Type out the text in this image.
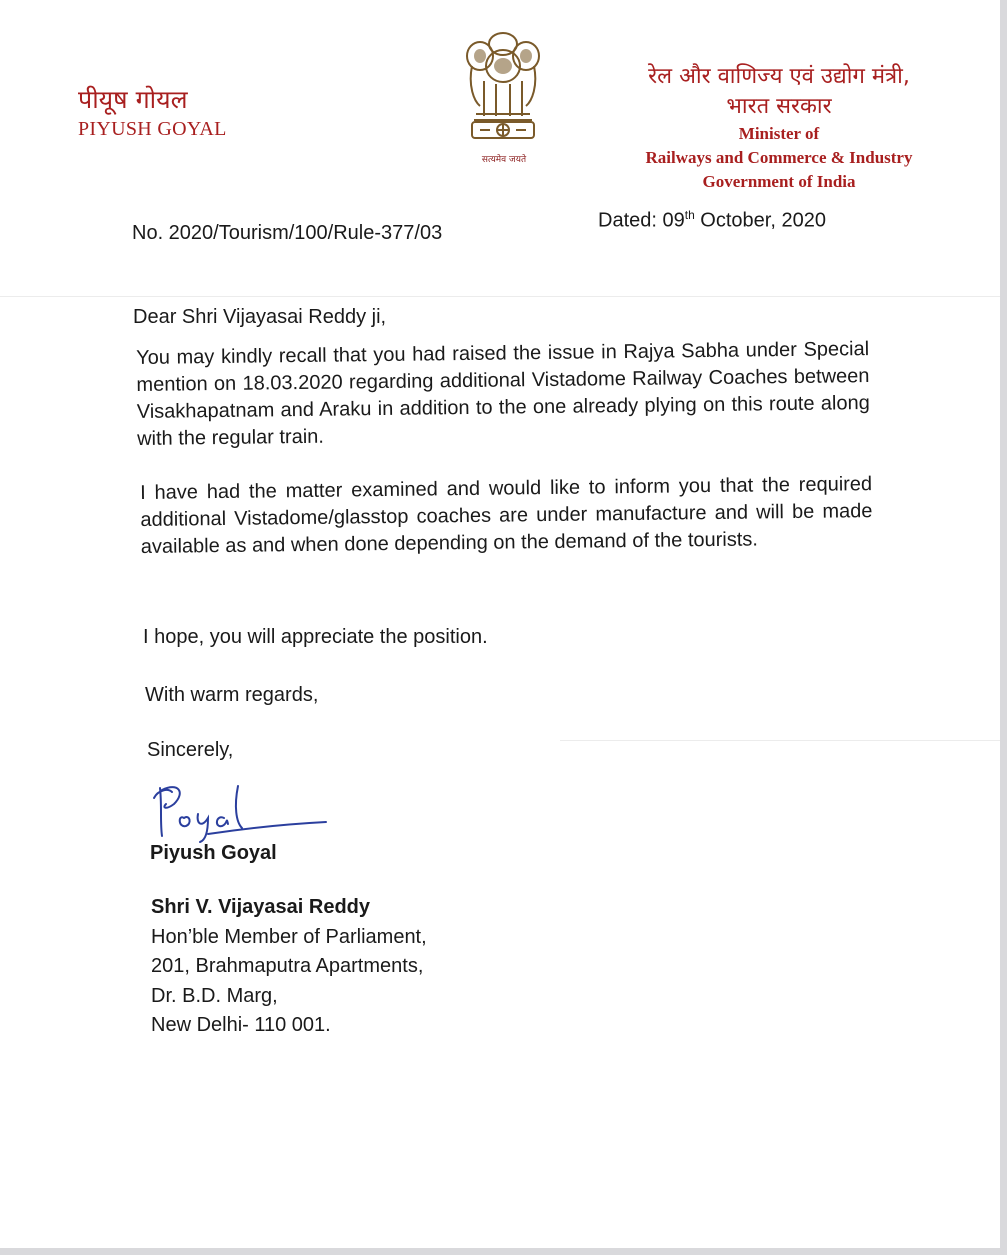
पीयूष गोयल
PIYUSH GOYAL
सत्यमेव जयते
रेल और वाणिज्य एवं उद्योग मंत्री,
भारत सरकार
Minister of
Railways and Commerce & Industry
Government of India
No. 2020/Tourism/100/Rule-377/03
Dated: 09th October, 2020
Dear Shri Vijayasai Reddy ji,
You may kindly recall that you had raised the issue in Rajya Sabha under Special mention on 18.03.2020 regarding additional Vistadome Railway Coaches between Visakhapatnam and Araku in addition to the one already plying on this route along with the regular train.
I have had the matter examined and would like to inform you that the required additional Vistadome/glasstop coaches are under manufacture and will be made available as and when done depending on the demand of the tourists.
I hope, you will appreciate the position.
With warm regards,
Sincerely,
Piyush Goyal
Shri V. Vijayasai Reddy
Hon’ble Member of Parliament,
201, Brahmaputra Apartments,
Dr. B.D. Marg,
New Delhi- 110 001.
